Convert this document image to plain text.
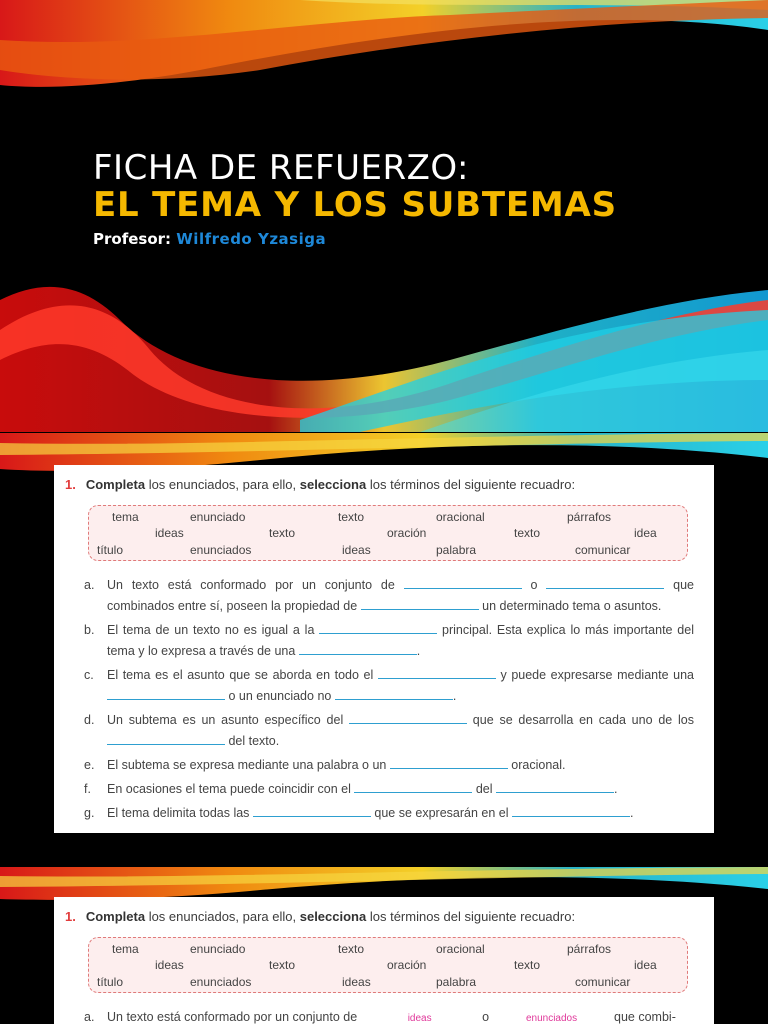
FICHA DE REFUERZO:
EL TEMA Y LOS SUBTEMAS
Profesor: Wilfredo Yzasiga
1. Completa los enunciados, para ello, selecciona los términos del siguiente recuadro:
tema	enunciado	texto	oracional	párrafos
ideas	texto	oración	texto	idea
título	enunciados	ideas	palabra	comunicar
a. Un texto está conformado por un conjunto de	o	que combinados entre sí, poseen la propiedad de	un determinado tema o asuntos.
b. El tema de un texto no es igual a la	principal. Esta explica lo más importante del tema y lo expresa a través de una	.
c. El tema es el asunto que se aborda en todo el	y puede expresarse mediante una  o un enunciado no	.
d. Un subtema es un asunto específico del	que se desarrolla en cada uno de los  del texto.
e. El subtema se expresa mediante una palabra o un	oracional.
f. En ocasiones el tema puede coincidir con el	del	.
g. El tema delimita todas las	que se expresarán en el	.
1. Completa los enunciados, para ello, selecciona los términos del siguiente recuadro:
tema	enunciado	texto	oracional	párrafos
ideas	texto	oración	texto	idea
título	enunciados	ideas	palabra	comunicar
a. Un texto está conformado por un conjunto de	ideas	o	enunciados	que combi-
